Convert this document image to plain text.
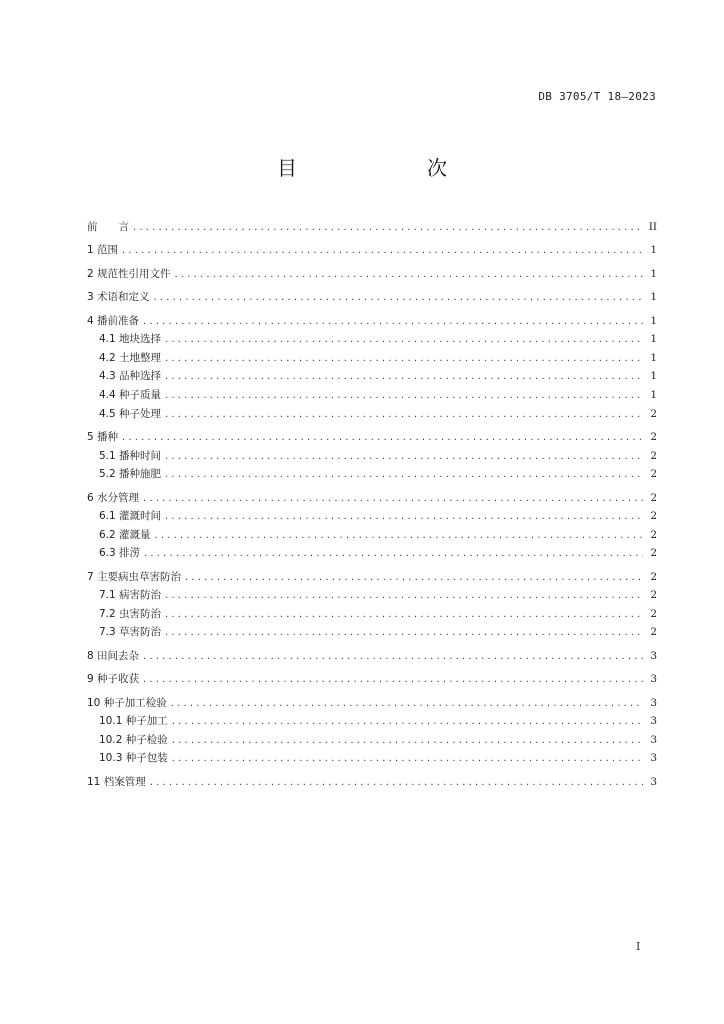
DB 3705/T 18—2023
目　　次
前　　言 .....	II
1 范围 .....	1
2 规范性引用文件 .....	1
3 术语和定义 .....	1
4 播前准备 .....	1
4.1 地块选择 .....	1
4.2 土地整理 .....	1
4.3 品种选择 .....	1
4.4 种子质量 .....	1
4.5 种子处理 .....	2
5 播种 .....	2
5.1 播种时间 .....	2
5.2 播种施肥 .....	2
6 水分管理 .....	2
6.1 灌溉时间 .....	2
6.2 灌溉量 .....	2
6.3 排涝 .....	2
7 主要病虫草害防治 .....	2
7.1 病害防治 .....	2
7.2 虫害防治 .....	2
7.3 草害防治 .....	2
8 田间去杂 .....	3
9 种子收获 .....	3
10 种子加工检验 .....	3
10.1 种子加工 .....	3
10.2 种子检验 .....	3
10.3 种子包装 .....	3
11 档案管理 .....	3
I
